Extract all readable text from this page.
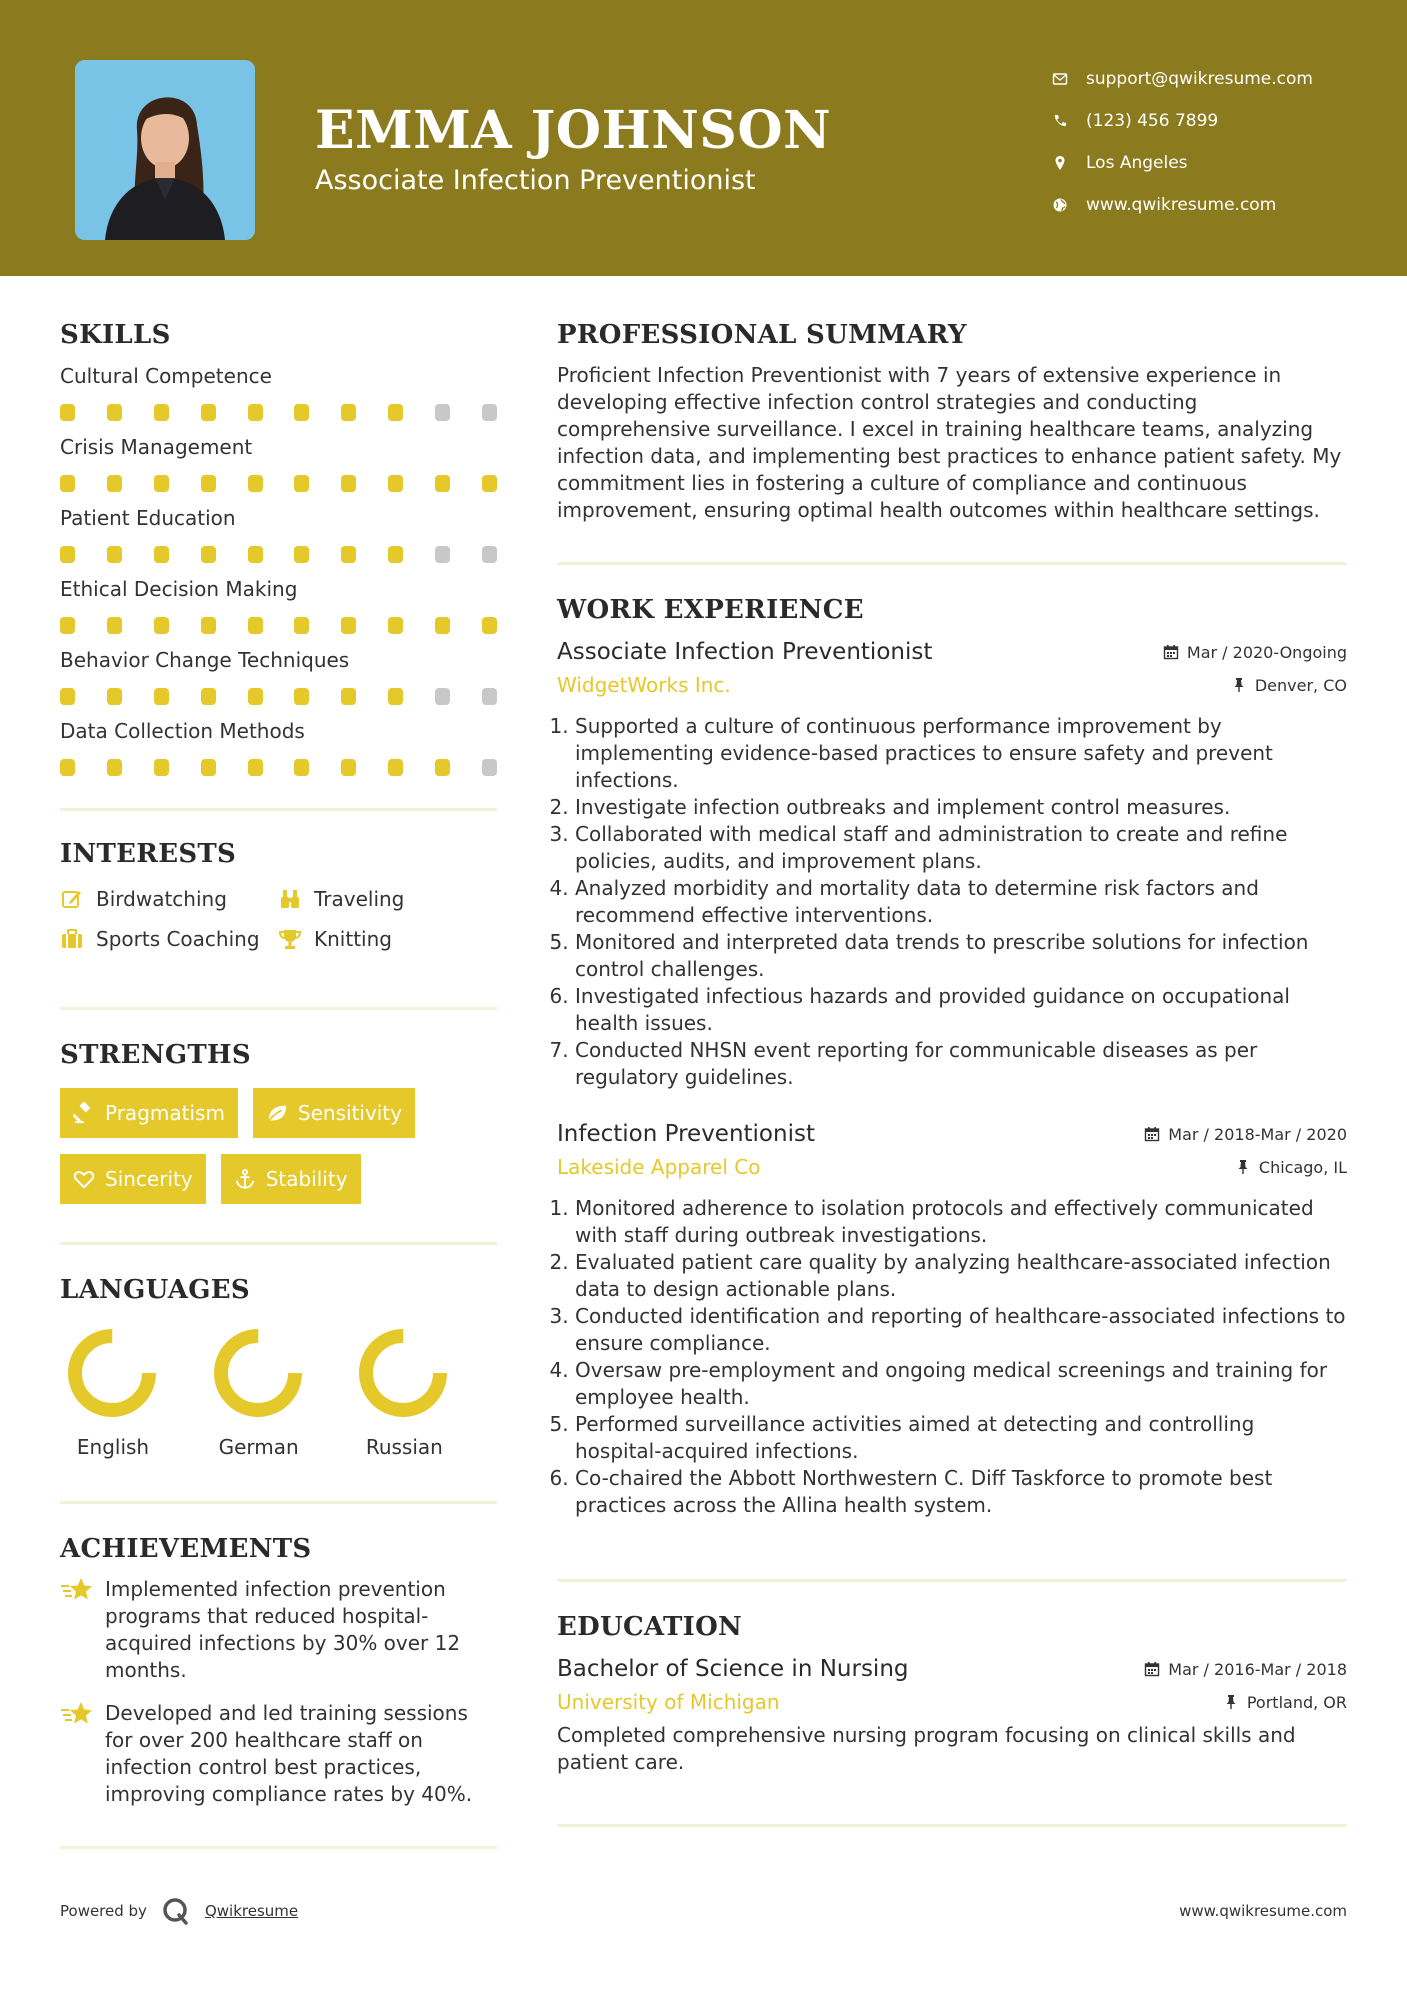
EMMA JOHNSON
Associate Infection Preventionist
support@qwikresume.com
(123) 456 7899
Los Angeles
www.qwikresume.com
SKILLS
Cultural Competence
Crisis Management
Patient Education
Ethical Decision Making
Behavior Change Techniques
Data Collection Methods
INTERESTS
Birdwatching	Traveling
Sports Coaching	Knitting
STRENGTHS
Pragmatism	Sensitivity
Sincerity	Stability
LANGUAGES
English	German	Russian
ACHIEVEMENTS
Implemented infection prevention programs that reduced hospital-acquired infections by 30% over 12 months.
Developed and led training sessions for over 200 healthcare staff on infection control best practices, improving compliance rates by 40%.
PROFESSIONAL SUMMARY
Proficient Infection Preventionist with 7 years of extensive experience in developing effective infection control strategies and conducting comprehensive surveillance. I excel in training healthcare teams, analyzing infection data, and implementing best practices to enhance patient safety. My commitment lies in fostering a culture of compliance and continuous improvement, ensuring optimal health outcomes within healthcare settings.
WORK EXPERIENCE
Associate Infection Preventionist	Mar / 2020-Ongoing
WidgetWorks Inc.	Denver, CO
1. Supported a culture of continuous performance improvement by implementing evidence-based practices to ensure safety and prevent infections.
2. Investigate infection outbreaks and implement control measures.
3. Collaborated with medical staff and administration to create and refine policies, audits, and improvement plans.
4. Analyzed morbidity and mortality data to determine risk factors and recommend effective interventions.
5. Monitored and interpreted data trends to prescribe solutions for infection control challenges.
6. Investigated infectious hazards and provided guidance on occupational health issues.
7. Conducted NHSN event reporting for communicable diseases as per regulatory guidelines.
Infection Preventionist	Mar / 2018-Mar / 2020
Lakeside Apparel Co	Chicago, IL
1. Monitored adherence to isolation protocols and effectively communicated with staff during outbreak investigations.
2. Evaluated patient care quality by analyzing healthcare-associated infection data to design actionable plans.
3. Conducted identification and reporting of healthcare-associated infections to ensure compliance.
4. Oversaw pre-employment and ongoing medical screenings and training for employee health.
5. Performed surveillance activities aimed at detecting and controlling hospital-acquired infections.
6. Co-chaired the Abbott Northwestern C. Diff Taskforce to promote best practices across the Allina health system.
EDUCATION
Bachelor of Science in Nursing	Mar / 2016-Mar / 2018
University of Michigan	Portland, OR
Completed comprehensive nursing program focusing on clinical skills and patient care.
Powered by	Qwikresume	www.qwikresume.com
